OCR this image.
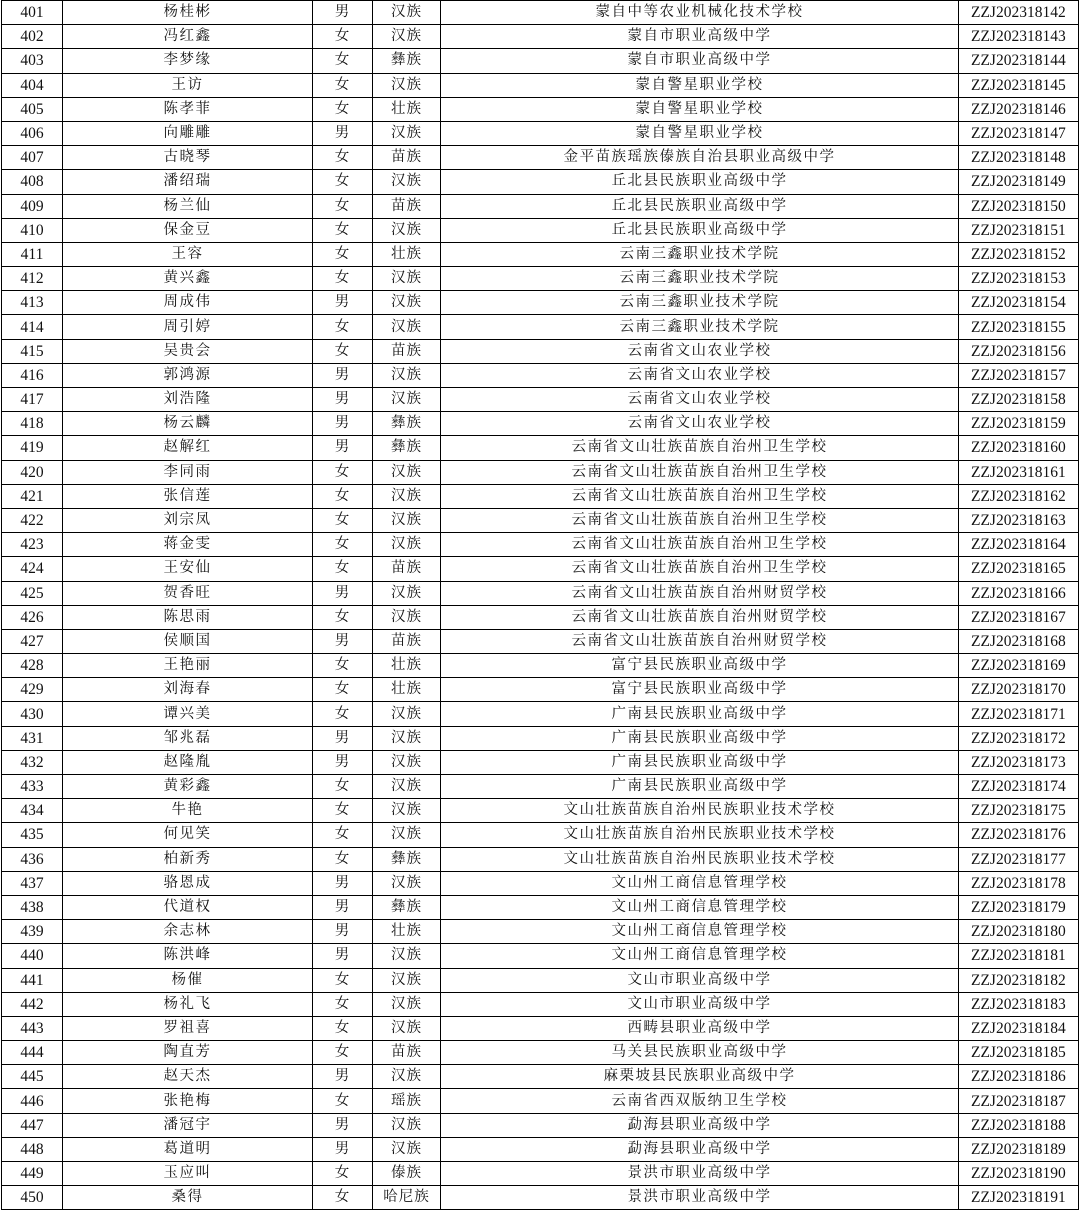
401	杨桂彬	男	汉族	蒙自中等农业机械化技术学校	ZZJ202318142
402	冯红鑫	女	汉族	蒙自市职业高级中学	ZZJ202318143
403	李梦缘	女	彝族	蒙自市职业高级中学	ZZJ202318144
404	王访	女	汉族	蒙自警星职业学校	ZZJ202318145
405	陈孝菲	女	壮族	蒙自警星职业学校	ZZJ202318146
406	向雕雕	男	汉族	蒙自警星职业学校	ZZJ202318147
407	古晓琴	女	苗族	金平苗族瑶族傣族自治县职业高级中学	ZZJ202318148
408	潘绍瑞	女	汉族	丘北县民族职业高级中学	ZZJ202318149
409	杨兰仙	女	苗族	丘北县民族职业高级中学	ZZJ202318150
410	保金豆	女	汉族	丘北县民族职业高级中学	ZZJ202318151
411	王容	女	壮族	云南三鑫职业技术学院	ZZJ202318152
412	黄兴鑫	女	汉族	云南三鑫职业技术学院	ZZJ202318153
413	周成伟	男	汉族	云南三鑫职业技术学院	ZZJ202318154
414	周引婷	女	汉族	云南三鑫职业技术学院	ZZJ202318155
415	吴贵会	女	苗族	云南省文山农业学校	ZZJ202318156
416	郭鸿源	男	汉族	云南省文山农业学校	ZZJ202318157
417	刘浩隆	男	汉族	云南省文山农业学校	ZZJ202318158
418	杨云麟	男	彝族	云南省文山农业学校	ZZJ202318159
419	赵解红	男	彝族	云南省文山壮族苗族自治州卫生学校	ZZJ202318160
420	李同雨	女	汉族	云南省文山壮族苗族自治州卫生学校	ZZJ202318161
421	张信莲	女	汉族	云南省文山壮族苗族自治州卫生学校	ZZJ202318162
422	刘宗凤	女	汉族	云南省文山壮族苗族自治州卫生学校	ZZJ202318163
423	蒋金雯	女	汉族	云南省文山壮族苗族自治州卫生学校	ZZJ202318164
424	王安仙	女	苗族	云南省文山壮族苗族自治州卫生学校	ZZJ202318165
425	贺香旺	男	汉族	云南省文山壮族苗族自治州财贸学校	ZZJ202318166
426	陈思雨	女	汉族	云南省文山壮族苗族自治州财贸学校	ZZJ202318167
427	侯顺国	男	苗族	云南省文山壮族苗族自治州财贸学校	ZZJ202318168
428	王艳丽	女	壮族	富宁县民族职业高级中学	ZZJ202318169
429	刘海春	女	壮族	富宁县民族职业高级中学	ZZJ202318170
430	谭兴美	女	汉族	广南县民族职业高级中学	ZZJ202318171
431	邹兆磊	男	汉族	广南县民族职业高级中学	ZZJ202318172
432	赵隆胤	男	汉族	广南县民族职业高级中学	ZZJ202318173
433	黄彩鑫	女	汉族	广南县民族职业高级中学	ZZJ202318174
434	牛艳	女	汉族	文山壮族苗族自治州民族职业技术学校	ZZJ202318175
435	何见笑	女	汉族	文山壮族苗族自治州民族职业技术学校	ZZJ202318176
436	柏新秀	女	彝族	文山壮族苗族自治州民族职业技术学校	ZZJ202318177
437	骆恩成	男	汉族	文山州工商信息管理学校	ZZJ202318178
438	代道权	男	彝族	文山州工商信息管理学校	ZZJ202318179
439	余志林	男	壮族	文山州工商信息管理学校	ZZJ202318180
440	陈洪峰	男	汉族	文山州工商信息管理学校	ZZJ202318181
441	杨催	女	汉族	文山市职业高级中学	ZZJ202318182
442	杨礼飞	女	汉族	文山市职业高级中学	ZZJ202318183
443	罗祖喜	女	汉族	西畴县职业高级中学	ZZJ202318184
444	陶直芳	女	苗族	马关县民族职业高级中学	ZZJ202318185
445	赵天杰	男	汉族	麻栗坡县民族职业高级中学	ZZJ202318186
446	张艳梅	女	瑶族	云南省西双版纳卫生学校	ZZJ202318187
447	潘冠宇	男	汉族	勐海县职业高级中学	ZZJ202318188
448	葛道明	男	汉族	勐海县职业高级中学	ZZJ202318189
449	玉应叫	女	傣族	景洪市职业高级中学	ZZJ202318190
450	桑得	女	哈尼族	景洪市职业高级中学	ZZJ202318191
